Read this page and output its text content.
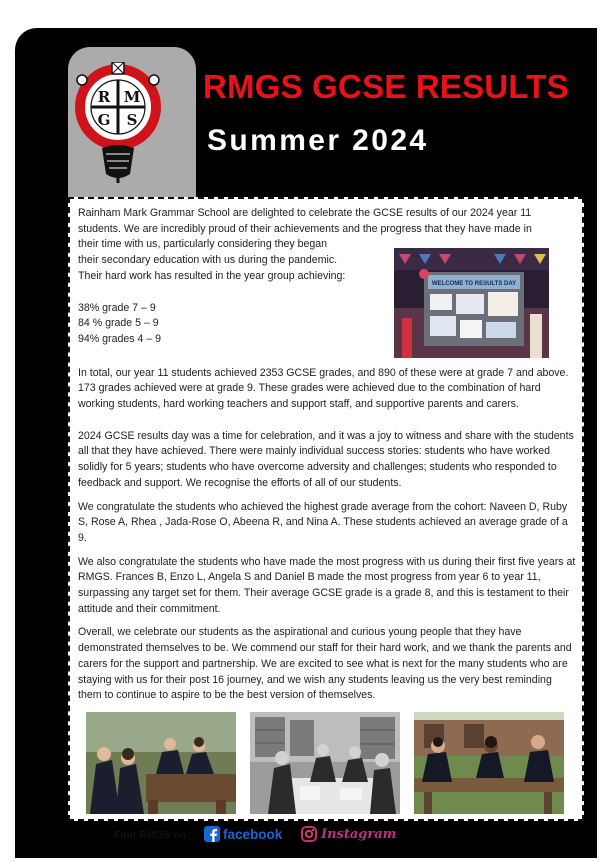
R M
G S
RMGS GCSE RESULTS
Summer 2024

Rainham Mark Grammar School are delighted to celebrate the GCSE results of our 2024 year 11

students. We are incredibly proud of their achievements and the progress that they have made in

their time with us, particularly considering they began

their secondary education with us during the pandemic.

Their hard work has resulted in the year group achieving:

38% grade 7 – 9

84 % grade 5 – 9

94% grades 4 – 9

In total, our year 11 students achieved 2353 GCSE grades, and 890 of these were at grade 7 and above. 173 grades achieved were at grade 9. These grades were achieved due to the combination of hard working students, hard working teachers and support staff, and supportive parents and carers.

2024 GCSE results day was a time for celebration, and it was a joy to witness and share with the students all that they have achieved. There were mainly individual success stories: students who have worked solidly for 5 years; students who have overcome adversity and challenges; students who responded to feedback and support. We recognise the efforts of all of our students.

We congratulate the students who achieved the highest grade average from the cohort: Naveen D, Ruby S, Rose A, Rhea , Jada-Rose O, Abeena R, and Nina A. These students achieved an average grade of a 9.

We also congratulate the students who have made the most progress with us during their first five years at RMGS. Frances B, Enzo L, Angela S and Daniel B made the most progress from year 6 to year 11, surpassing any target set for them. Their average GCSE grade is a grade 8, and this is testament to their attitude and their commitment.

Overall, we celebrate our students as the aspirational and curious young people that they have demonstrated themselves to be. We commend our staff for their hard work, and we thank the parents and carers for the support and partnership. We are excited to see what is next for the many students who are staying with us for their post 16 journey, and we wish any students leaving us the very best reminding them to continue to aspire to be the best version of themselves.

WELCOME TO RESULTS DAY
Find RMGS on: facebook	Instagram
